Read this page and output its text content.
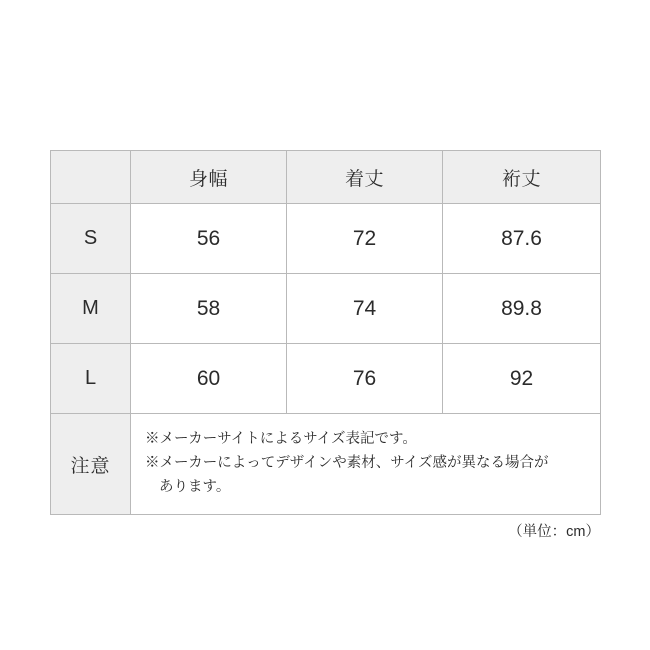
	身幅	着丈	裄丈
S	56	72	87.6
M	58	74	89.8
L	60	76	92
注意	※メーカーサイトによるサイズ表記です。
※メーカーによってデザインや素材、サイズ感が異なる場合が
あります。		
（単位：cm）
